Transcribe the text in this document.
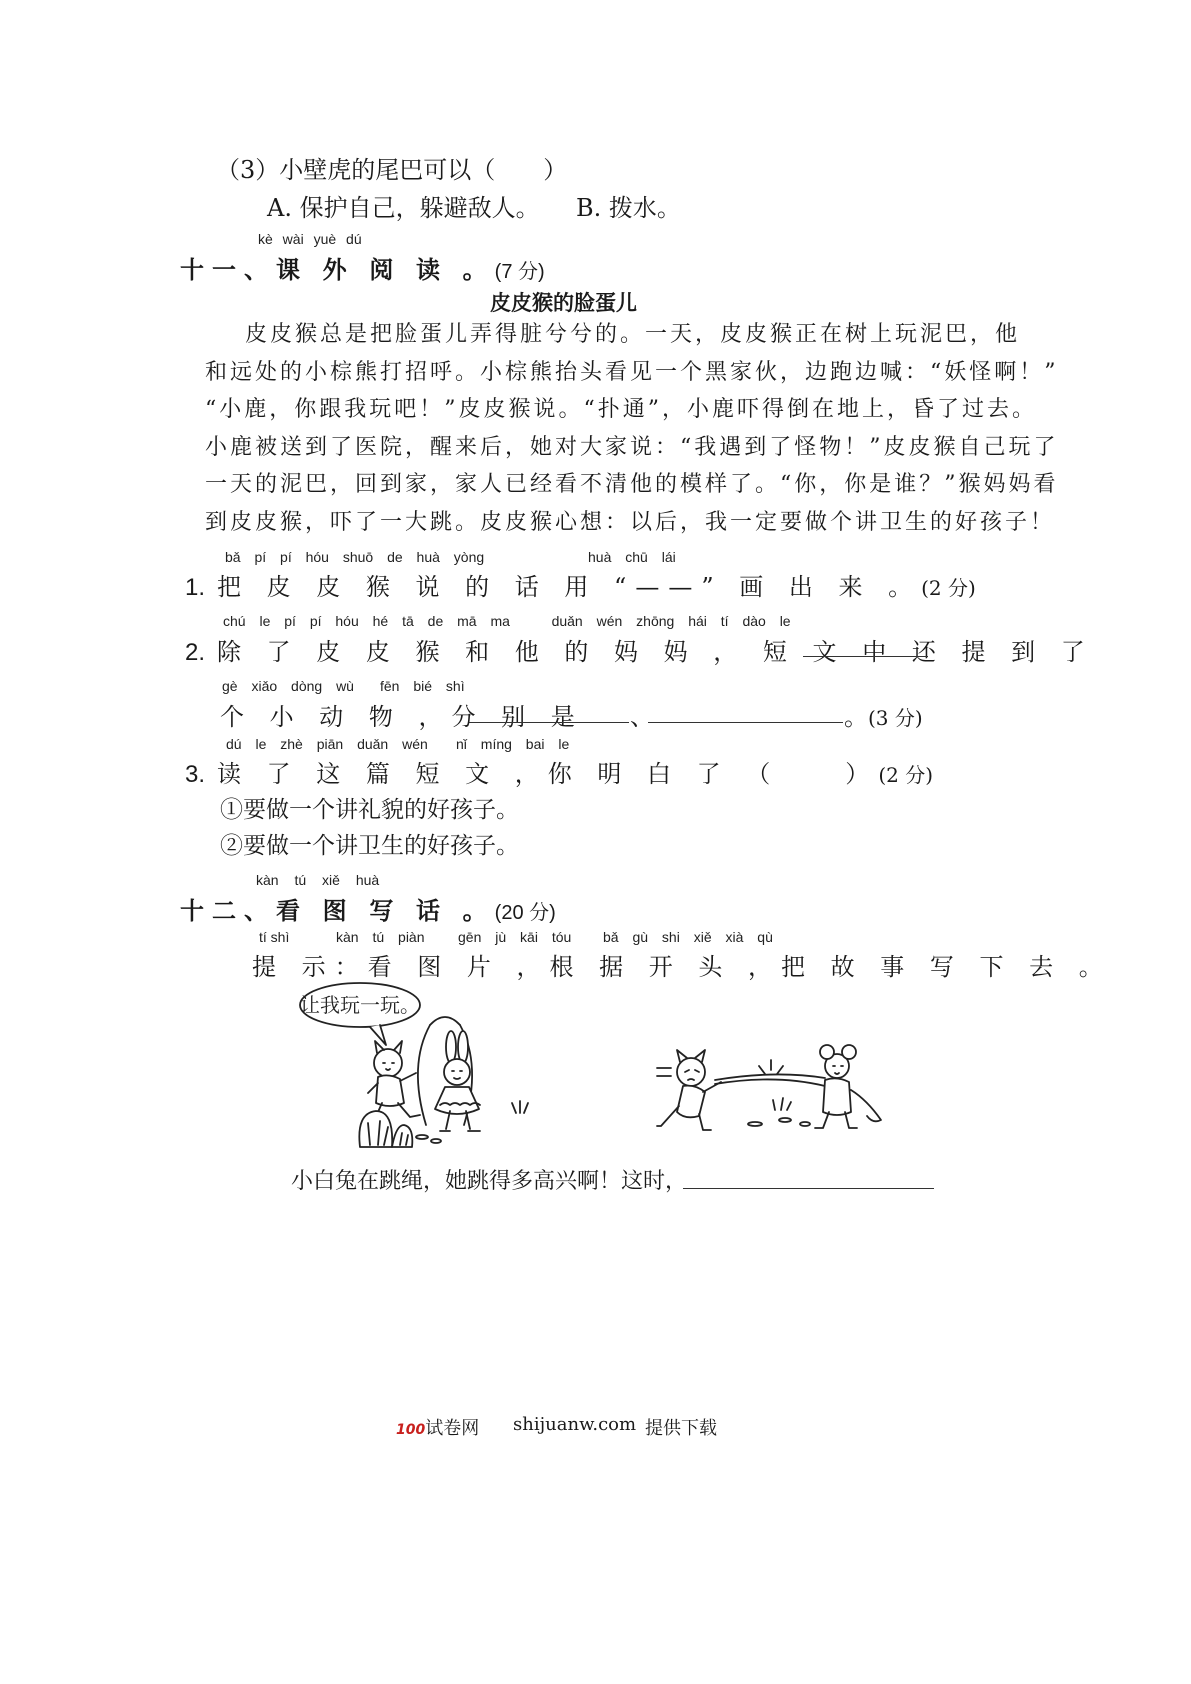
（3）小壁虎的尾巴可以（　　）
A. 保护自己，躲避敌人。 B. 拨水。
kè wài yuè dú
十一、课 外 阅 读 。(7 分)
皮皮猴的脸蛋儿

皮皮猴总是把脸蛋儿弄得脏兮兮的。一天，皮皮猴正在树上玩泥巴，他

和远处的小棕熊打招呼。小棕熊抬头看见一个黑家伙，边跑边喊：“妖怪啊！”

“小鹿，你跟我玩吧！”皮皮猴说。“扑通”，小鹿吓得倒在地上，昏了过去。

小鹿被送到了医院，醒来后，她对大家说：“我遇到了怪物！”皮皮猴自己玩了

一天的泥巴，回到家，家人已经看不清他的模样了。“你，你是谁？”猴妈妈看

到皮皮猴，吓了一大跳。皮皮猴心想：以后，我一定要做个讲卫生的好孩子！

bǎ pí pí hóu shuō de huà yòng	huà chū lái
1. 把 皮 皮 猴 说 的 话 用 “——” 画 出 来 。(2 分)
chú le pí pí hóu hé tā de mā ma   duǎn wén zhōng hái tí dào le
2. 除 了 皮 皮 猴 和 他 的 妈 妈 ， 短 文 中 还 提 到 了
gè xiǎo dòng wù fēn bié shì
个 小 动 物 ，分 别 是 、	。(3 分)
dú le zhè piān duǎn wén nǐ míng bai le
3. 读 了 这 篇 短 文 ，你 明 白 了 （　　）(2 分)
①要做一个讲礼貌的好孩子。
②要做一个讲卫生的好孩子。
kàn tú xiě huà
十二、看 图 写 话 。(20 分)
tí shì	kàn tú piàn gēn jù kāi tóu bǎ gù shi xiě xià qù
提 示：看 图 片 ，根 据 开 头 ，把 故 事 写 下 去 。
让我玩一玩。
小白兔在跳绳，她跳得多高兴啊！这时，
100试卷网 shijuanw.com 提供下载
